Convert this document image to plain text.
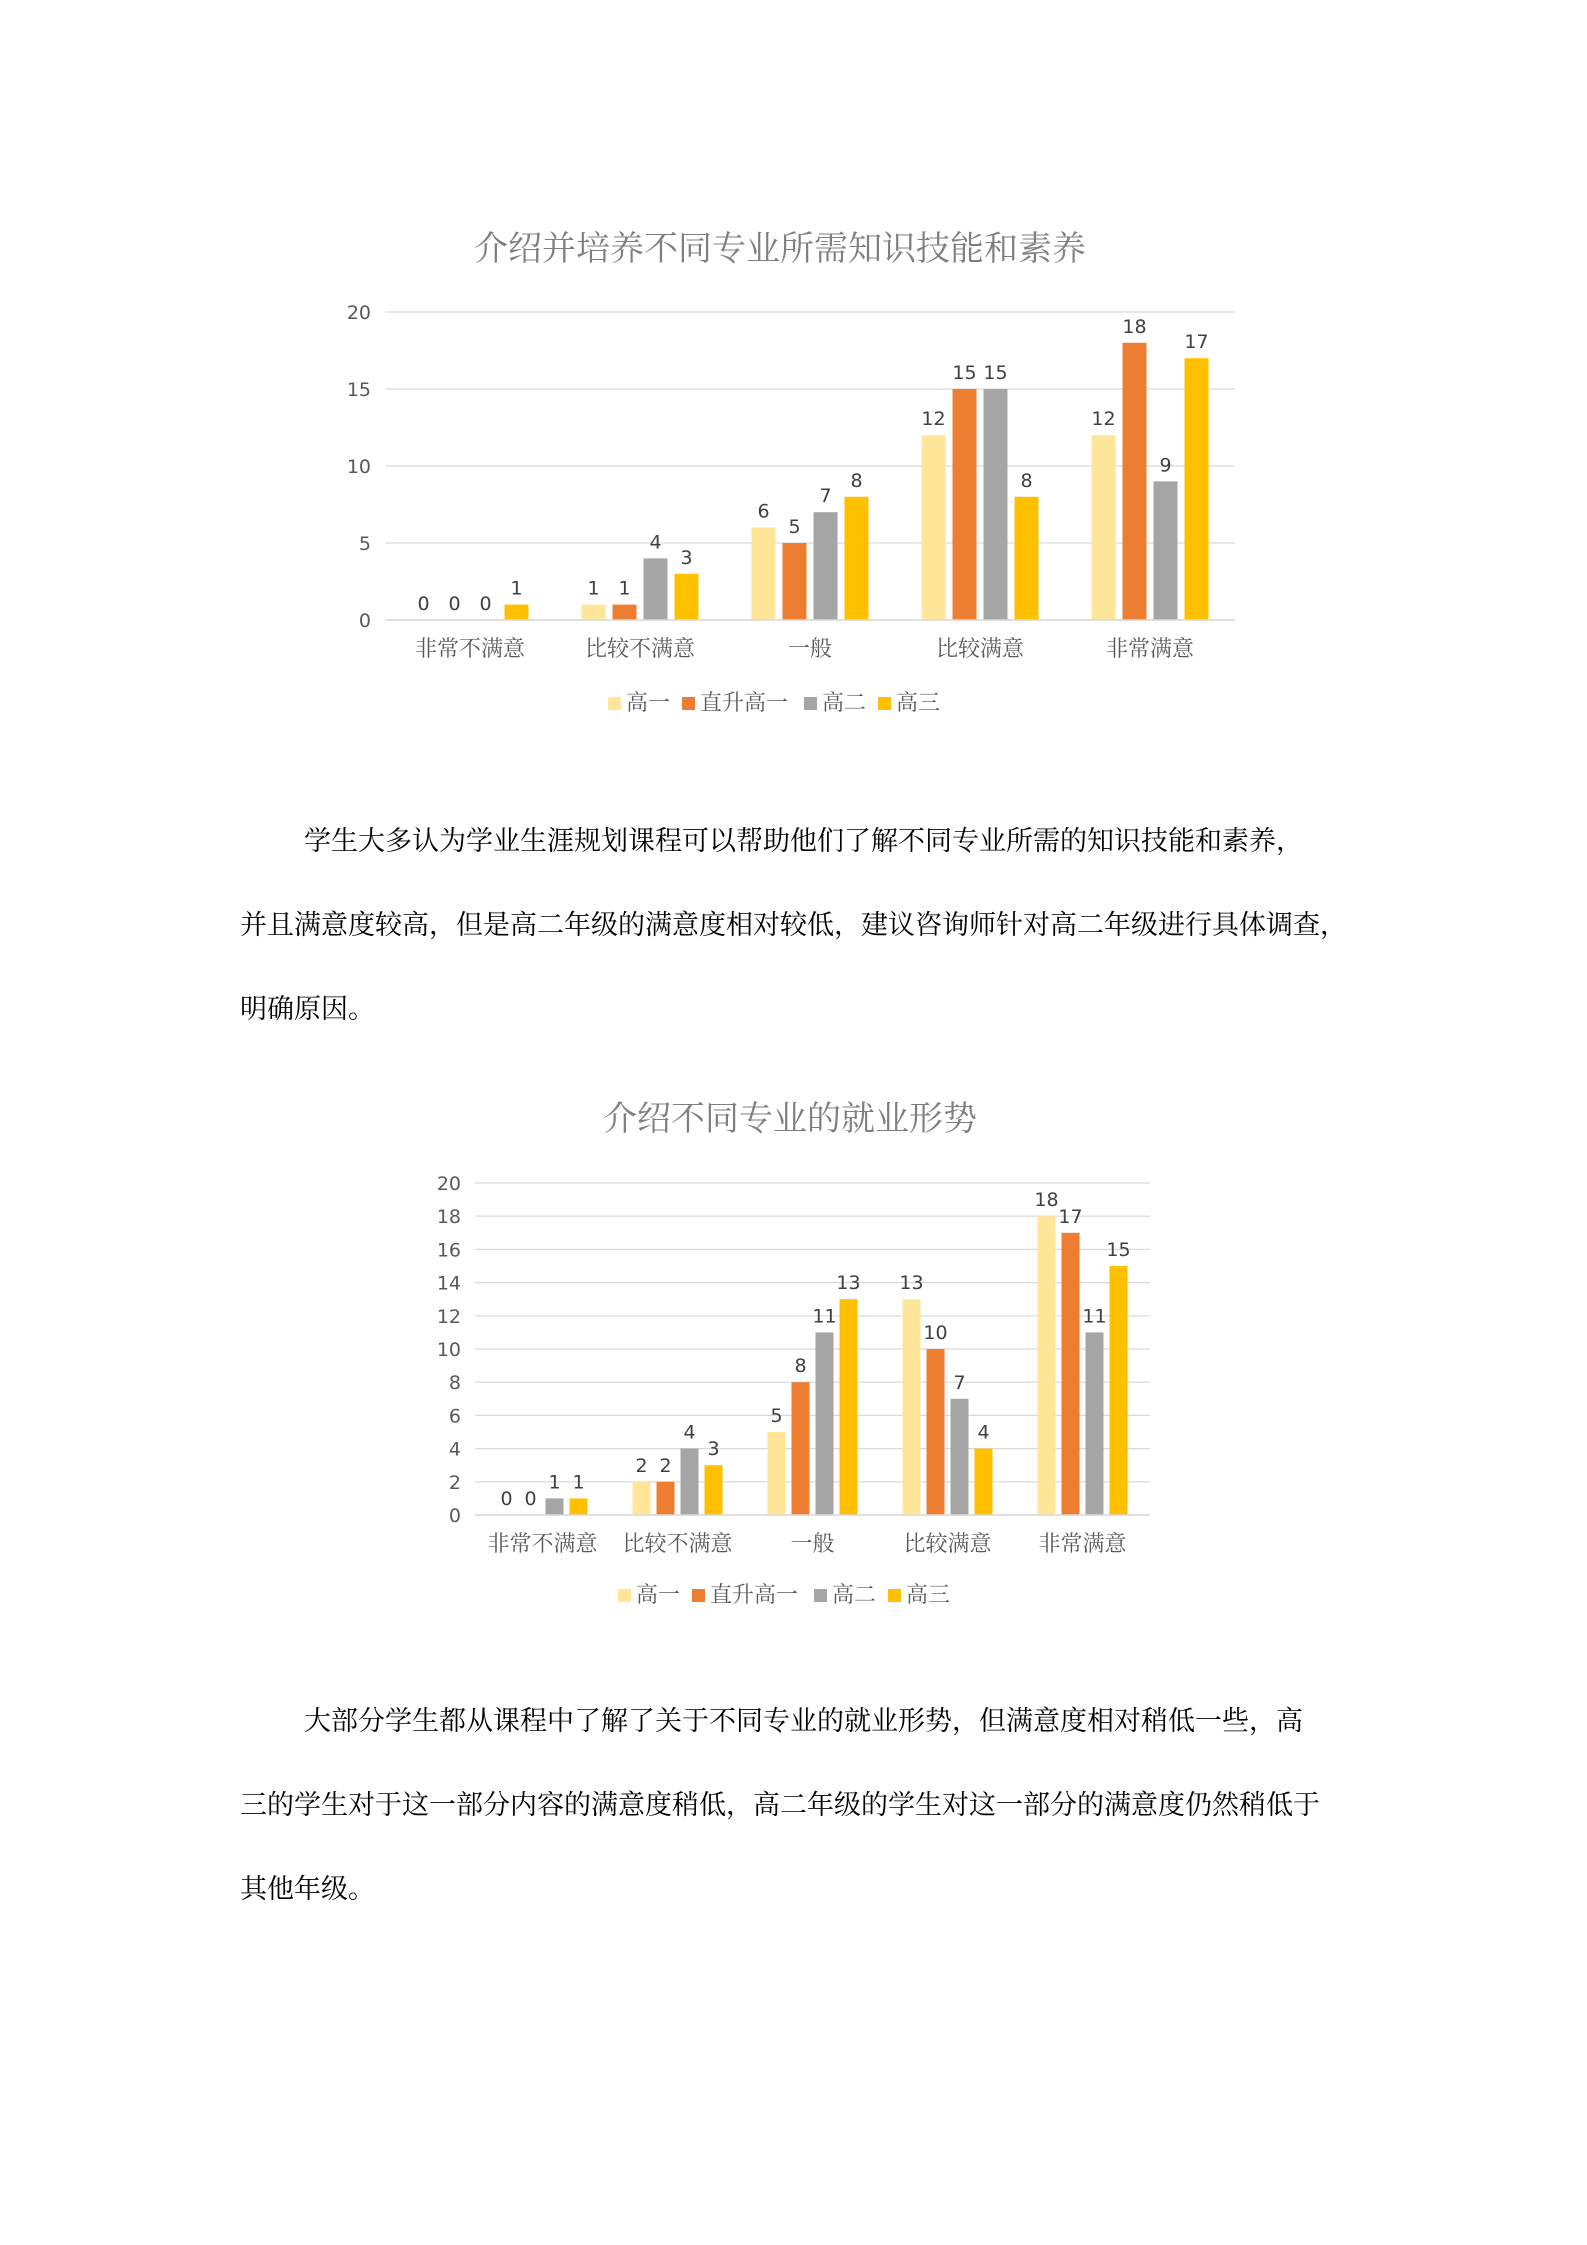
介绍并培养不同专业所需知识技能和素养
0
5
10
15
20
0 0 0
1
非常不满意
1 1
4
3
比较不满意
6
5
7
8
一般
12
15 15
8
比较满意
12
18
9
17
非常满意
高一 直升高一 高二 高三
学生大多认为学业生涯规划课程可以帮助他们了解不同专业所需的知识技能和素养，
并且满意度较高，但是高二年级的满意度相对较低，建议咨询师针对高二年级进行具体调查，
明确原因。
介绍不同专业的就业形势
0
2
4
6
8
10
12
14
16
18
20
0 0
1 1
非常不满意
2 2
4
3
比较不满意
5
8
11
13
一般
13
10
7
4
比较满意
18
17
11
15
非常满意
高一 直升高一 高二 高三
大部分学生都从课程中了解了关于不同专业的就业形势，但满意度相对稍低一些，高
三的学生对于这一部分内容的满意度稍低，高二年级的学生对这一部分的满意度仍然稍低于
其他年级。
